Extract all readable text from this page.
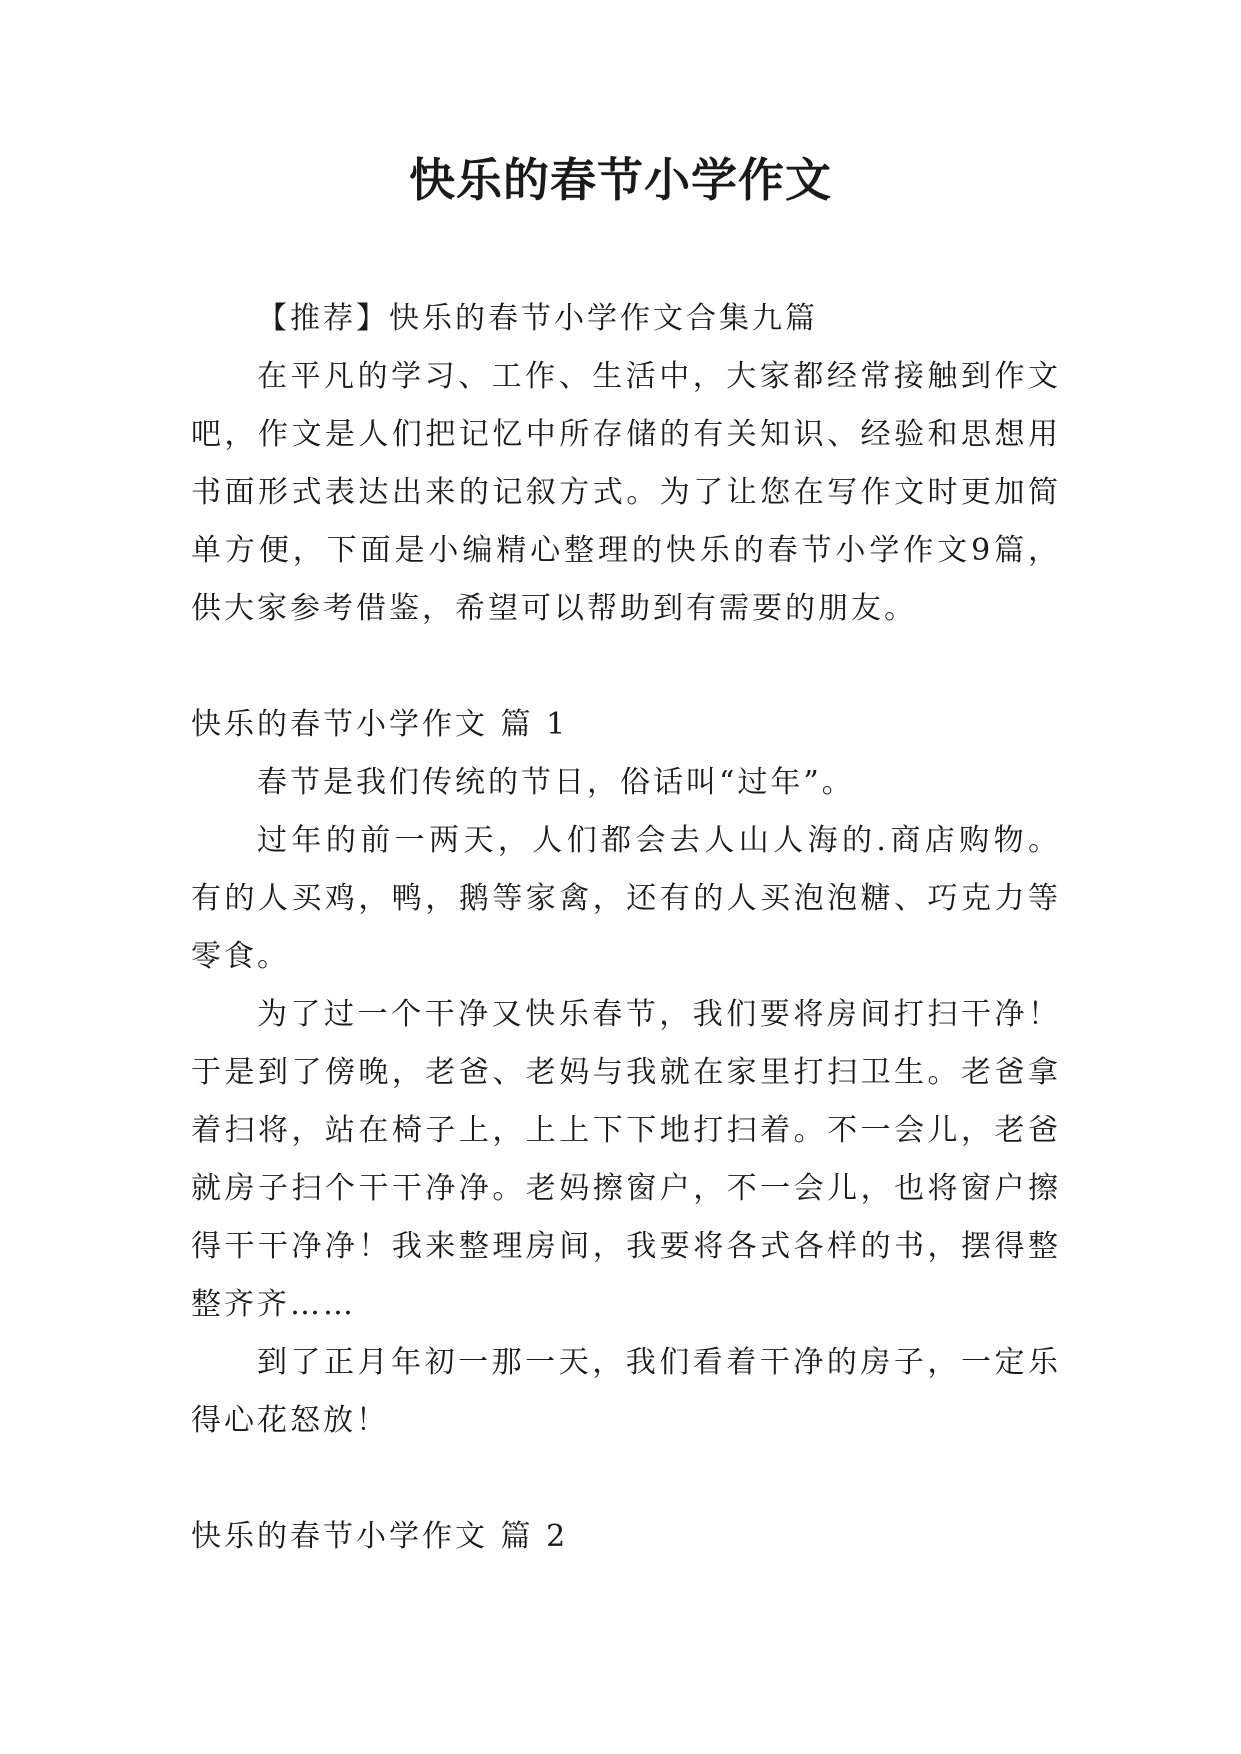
快乐的春节小学作文

【推荐】快乐的春节小学作文合集九篇

在平凡的学习、工作、生活中，大家都经常接触到作文吧，作文是人们把记忆中所存储的有关知识、经验和思想用书面形式表达出来的记叙方式。为了让您在写作文时更加简单方便，下面是小编精心整理的快乐的春节小学作文9篇，供大家参考借鉴，希望可以帮助到有需要的朋友。

快乐的春节小学作文 篇 1

春节是我们传统的节日，俗话叫“过年”。

过年的前一两天，人们都会去人山人海的.商店购物。有的人买鸡，鸭，鹅等家禽，还有的人买泡泡糖、巧克力等零食。

为了过一个干净又快乐春节，我们要将房间打扫干净！于是到了傍晚，老爸、老妈与我就在家里打扫卫生。老爸拿着扫将，站在椅子上，上上下下地打扫着。不一会儿，老爸就房子扫个干干净净。老妈擦窗户，不一会儿，也将窗户擦得干干净净！我来整理房间，我要将各式各样的书，摆得整整齐齐……

到了正月年初一那一天，我们看着干净的房子，一定乐得心花怒放！

快乐的春节小学作文 篇 2
